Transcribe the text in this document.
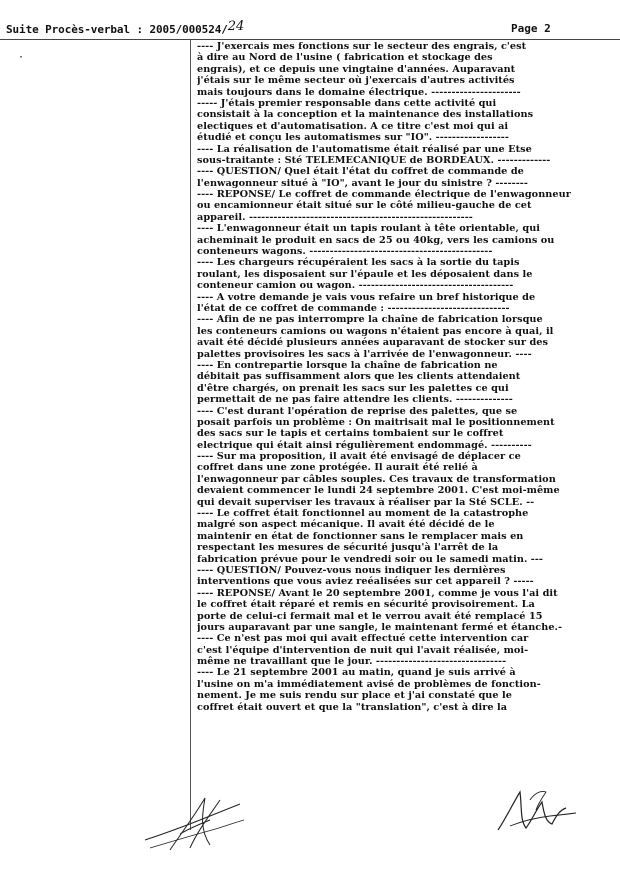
Suite Procès-verbal : 2005/000524/24	Page 2
·
---- J'exercais mes fonctions sur le secteur des engrais, c'est
à dire au Nord de l'usine ( fabrication et stockage des
engrais), et ce depuis une vingtaine d'années. Auparavant
j'étais sur le même secteur où j'exercais d'autres activités
mais toujours dans le domaine électrique. ----------------------
----- J'étais premier responsable dans cette activité qui
consistait à la conception et la maintenance des installations
electiques et d'automatisation. A ce titre c'est moi qui ai
étudié et conçu les automatismes sur "IO". ------------------
---- La réalisation de l'automatisme était réalisé par une Etse
sous-traitante : Sté TELEMECANIQUE de BORDEAUX. -------------
---- QUESTION/ Quel était l'état du coffret de commande de
l'enwagonneur situé à "IO", avant le jour du sinistre ? --------
---- REPONSE/ Le coffret de commande électrique de l'enwagonneur
ou encamionneur était situé sur le côté milieu-gauche de cet
appareil. -------------------------------------------------------
---- L'enwagonneur était un tapis roulant à tête orientable, qui
acheminait le produit en sacs de 25 ou 40kg, vers les camions ou
conteneurs wagons. ---------------------------------------------
---- Les chargeurs récupéraient les sacs à la sortie du tapis
roulant, les disposaient sur l'épaule et les déposaient dans le
conteneur camion ou wagon. --------------------------------------
---- A votre demande je vais vous refaire un bref historique de
l'état de ce coffret de commande : ------------------------------
---- Afin de ne pas interrompre la chaîne de fabrication lorsque
les conteneurs camions ou wagons n'étaient pas encore à quai, il
avait été décidé plusieurs années auparavant de stocker sur des
palettes provisoires les sacs à l'arrivée de l'enwagonneur. ----
---- En contrepartie lorsque la chaîne de fabrication ne
débitait pas suffisamment alors que les clients attendaient
d'être chargés, on prenait les sacs sur les palettes ce qui
permettait de ne pas faire attendre les clients. --------------
---- C'est durant l'opération de reprise des palettes, que se
posait parfois un problème : On maitrisait mal le positionnement
des sacs sur le tapis et certains tombaient sur le coffret
electrique qui était ainsi régulièrement endommagé. ----------
---- Sur ma proposition, il avait été envisagé de déplacer ce
coffret dans une zone protégée. Il aurait été relié à
l'enwagonneur par câbles souples. Ces travaux de transformation
devaient commencer le lundi 24 septembre 2001. C'est moi-même
qui devait superviser les travaux à réaliser par la Sté SCLE. --
---- Le coffret était fonctionnel au moment de la catastrophe
malgré son aspect mécanique. Il avait été décidé de le
maintenir en état de fonctionner sans le remplacer mais en
respectant les mesures de sécurité jusqu'à l'arrêt de la
fabrication prévue pour le vendredi soir ou le samedi matin. ---
---- QUESTION/ Pouvez-vous nous indiquer les dernières
interventions que vous aviez reéalisées sur cet appareil ? -----
---- REPONSE/ Avant le 20 septembre 2001, comme je vous l'ai dit
le coffret était réparé et remis en sécurité provisoirement. La
porte de celui-ci fermait mal et le verrou avait été remplacé 15
jours auparavant par une sangle, le maintenant fermé et étanche.-
---- Ce n'est pas moi qui avait effectué cette intervention car
c'est l'équipe d'intervention de nuit qui l'avait réalisée, moi-
même ne travaillant que le jour. --------------------------------
---- Le 21 septembre 2001 au matin, quand je suis arrivé à
l'usine on m'a immédiatement avisé de problèmes de fonction-
nement. Je me suis rendu sur place et j'ai constaté que le
coffret était ouvert et que la "translation", c'est à dire la
